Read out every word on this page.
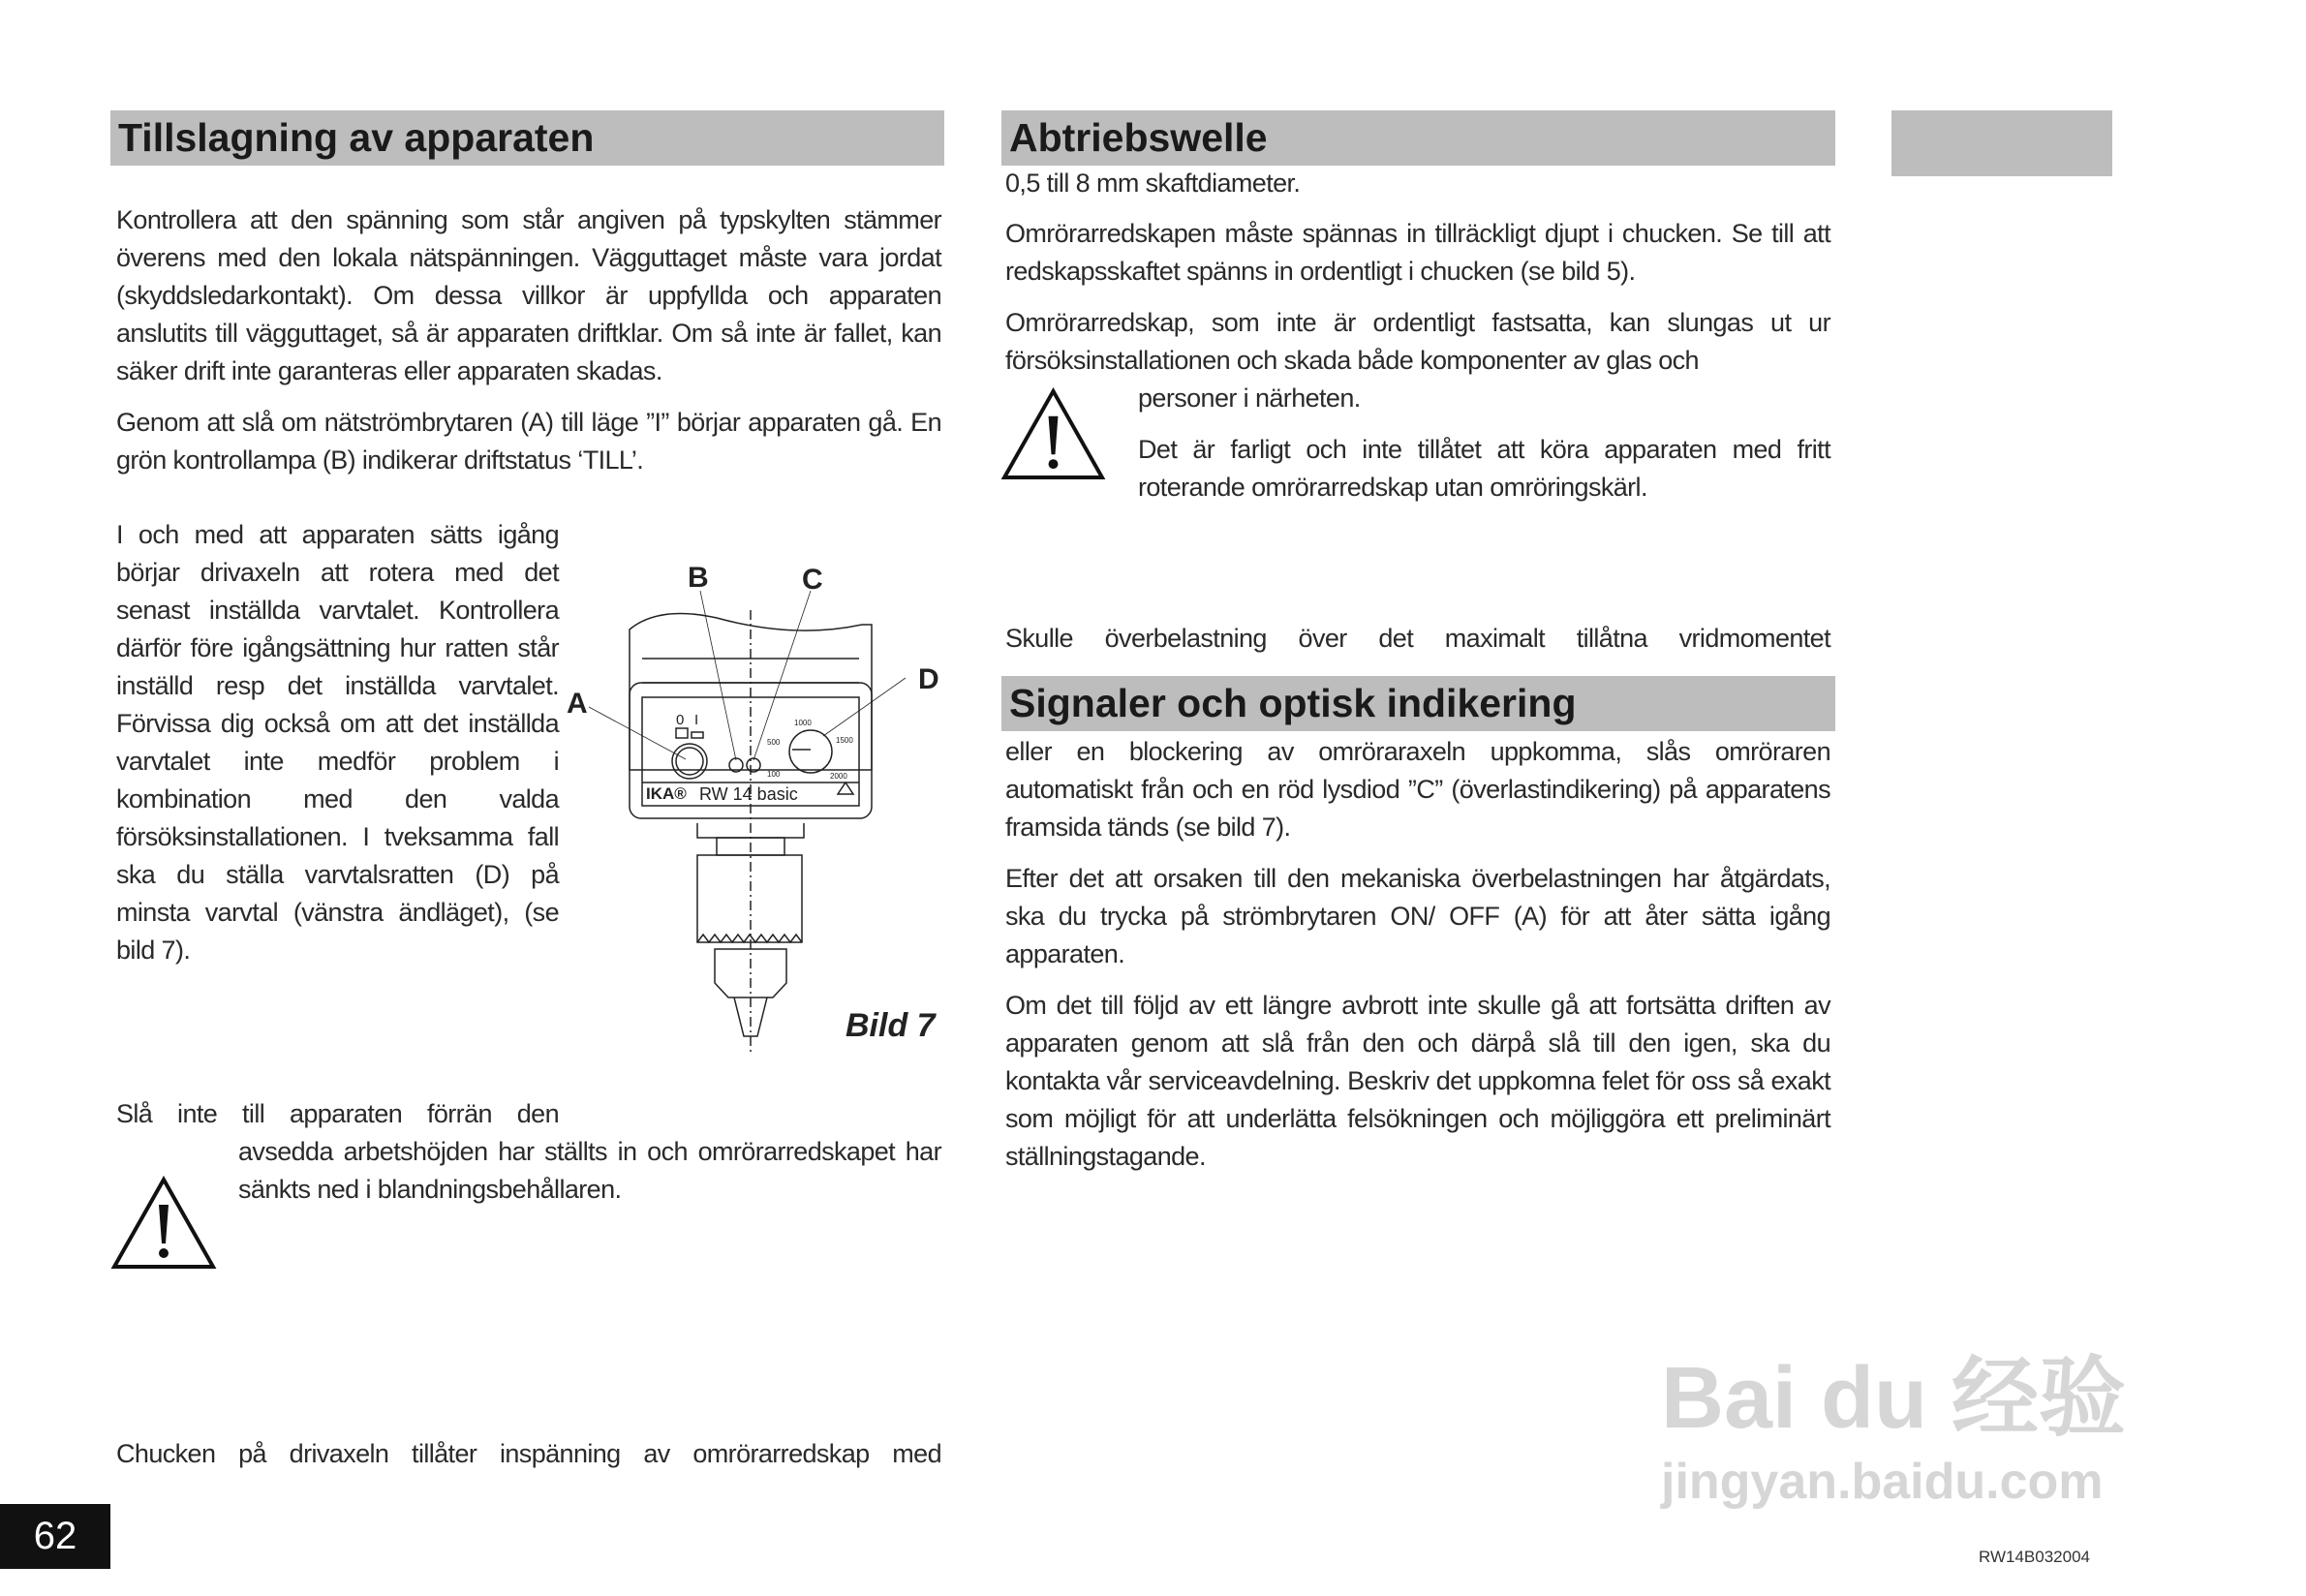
Tillslagning av apparaten

Kontrollera att den spänning som står angiven på typskylten stämmer överens med den lokala nätspänningen. Vägguttaget måste vara jordat (skyddsledarkontakt). Om dessa villkor är uppfyllda och apparaten anslutits till vägguttaget, så är apparaten driftklar. Om så inte är fallet, kan säker drift inte garanteras eller apparaten skadas.

Genom att slå om nätströmbrytaren (A) till läge ”I” börjar apparaten gå. En grön kontrollampa (B) indikerar driftstatus ‘TILL’.

I och med att apparaten sätts igång börjar drivaxeln att rotera med det senast inställda varvtalet. Kontrollera därför före igångsättning hur ratten står inställd resp det inställda varvtalet. Förvissa dig också om att det inställda varvtalet inte medför problem i kombination med den valda försöksinstallationen. I tveksamma fall ska du ställa varvtalsratten (D) på minsta varvtal (vänstra ändläget), (se bild 7).

A
B	C
D
0 I
100
500
1000
1500
2000
IKA® RW 14 basic
Bild 7

Slå inte till apparaten förrän den

avsedda arbetshöjden har ställts in och omrörarredskapet har sänkts ned i blandningsbehållaren.

Chucken på drivaxeln tillåter inspänning av omrörarredskap med

Abtriebswelle

0,5 till 8 mm skaftdiameter.

Omrörarredskapen måste spännas in tillräckligt djupt i chucken. Se till att redskapsskaftet spänns in ordentligt i chucken (se bild 5).

Omrörarredskap, som inte är ordentligt fastsatta, kan slungas ut ur försöksinstallationen och skada både komponenter av glas och

personer i närheten.

Det är farligt och inte tillåtet att köra apparaten med fritt roterande omrörarredskap utan omröringskärl.

Skulle överbelastning över det maximalt tillåtna vridmomentet

Signaler och optisk indikering

eller en blockering av omröraraxeln uppkomma, slås omröraren automatiskt från och en röd lysdiod ”C” (överlastindikering) på apparatens framsida tänds (se bild 7).

Efter det att orsaken till den mekaniska överbelastningen har åtgärdats, ska du trycka på strömbrytaren ON/ OFF (A) för att åter sätta igång apparaten.

Om det till följd av ett längre avbrott inte skulle gå att fortsätta driften av apparaten genom att slå från den och därpå slå till den igen, ska du kontakta vår serviceavdelning. Beskriv det uppkomna felet för oss så exakt som möjligt för att underlätta felsökningen och möjliggöra ett preliminärt ställningstagande.

62	RW14B032004
Bai du 经验
jingyan.baidu.com
